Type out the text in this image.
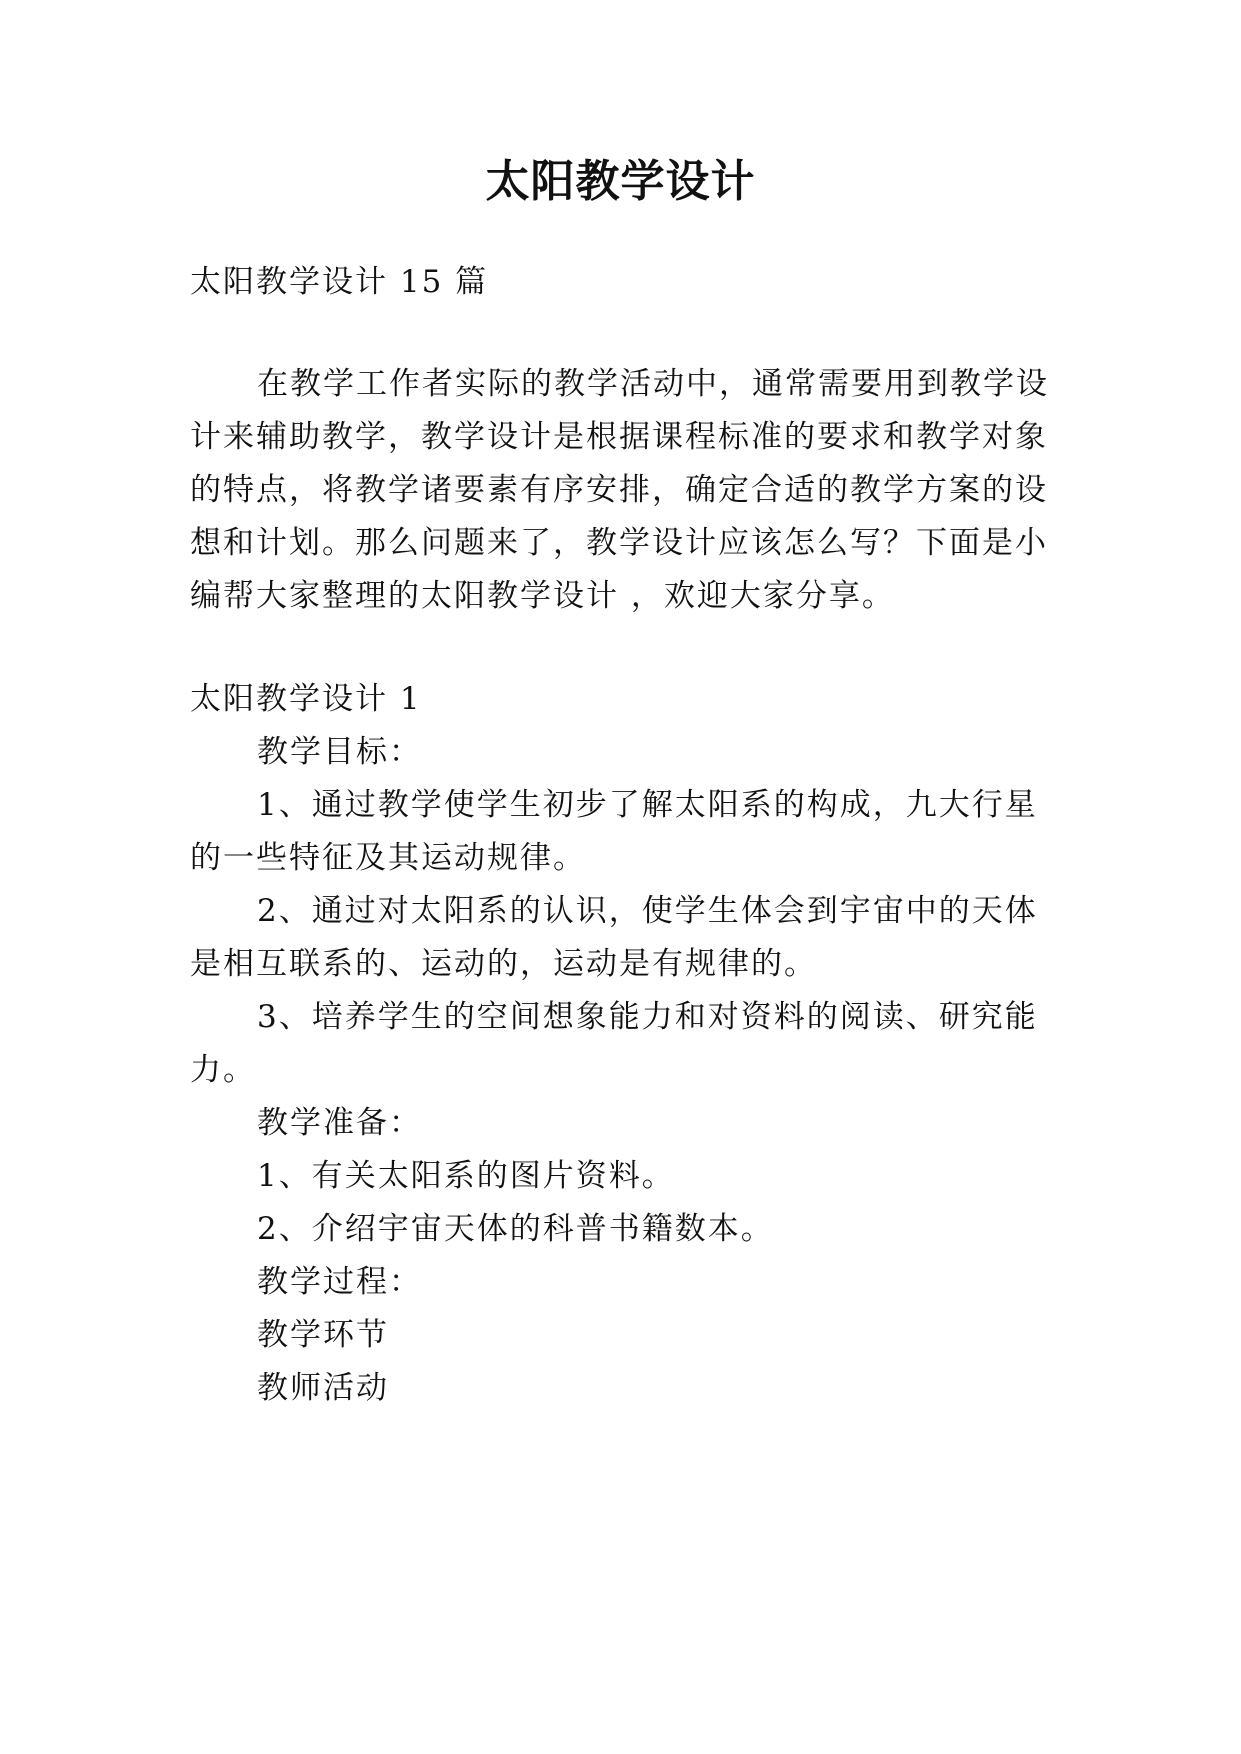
太阳教学设计
太阳教学设计 15 篇
在教学工作者实际的教学活动中，通常需要用到教学设
计来辅助教学，教学设计是根据课程标准的要求和教学对象
的特点，将教学诸要素有序安排，确定合适的教学方案的设
想和计划。那么问题来了，教学设计应该怎么写？下面是小
编帮大家整理的太阳教学设计 ，欢迎大家分享。
太阳教学设计 1
教学目标：
1、通过教学使学生初步了解太阳系的构成，九大行星
的一些特征及其运动规律。
2、通过对太阳系的认识，使学生体会到宇宙中的天体
是相互联系的、运动的，运动是有规律的。
3、培养学生的空间想象能力和对资料的阅读、研究能
力。
教学准备：
1、有关太阳系的图片资料。
2、介绍宇宙天体的科普书籍数本。
教学过程：
教学环节
教师活动
